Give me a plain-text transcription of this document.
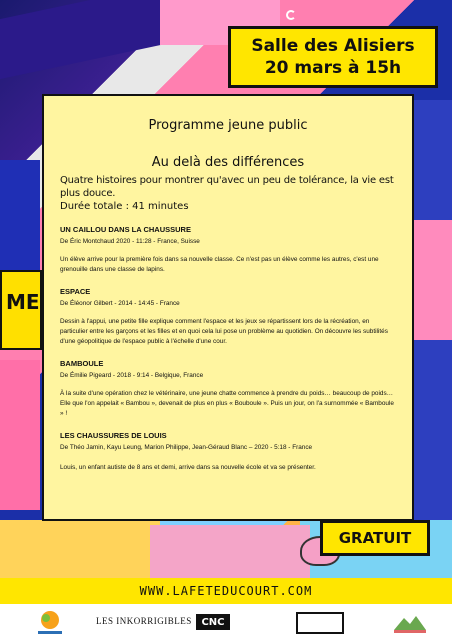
ME
Salle des Alisiers
20 mars à 15h
Programme jeune public
Au delà des différences
Quatre histoires pour montrer qu'avec un peu de tolérance, la vie est plus douce.
Durée totale : 41 minutes
UN CAILLOU DANS LA CHAUSSURE
De Éric Montchaud 2020 - 11:28 - France, Suisse
Un élève arrive pour la première fois dans sa nouvelle classe. Ce n'est pas un élève comme les autres, c'est une grenouille dans une classe de lapins.
ESPACE
De Éléonor Gilbert - 2014 - 14:45 - France
Dessin à l'appui, une petite fille explique comment l'espace et les jeux se répartissent lors de la récréation, en particulier entre les garçons et les filles et en quoi cela lui pose un problème au quotidien. On découvre les subtilités d'une géopolitique de l'espace public à l'échelle d'une cour.
BAMBOULE
De Émilie Pigeard - 2018 - 9:14 - Belgique, France
À la suite d'une opération chez le vétérinaire, une jeune chatte commence à prendre du poids… beaucoup de poids… Elle que l'on appelait « Bambou », devenait de plus en plus « Bouboule ». Puis un jour, on l'a surnommée « Bamboule » !
LES CHAUSSURES DE LOUIS
De Théo Jamin, Kayu Leung, Marion Philippe, Jean-Géraud Blanc – 2020 - 5:18 - France
Louis, un enfant autiste de 8 ans et demi, arrive dans sa nouvelle école et va se présenter.
GRATUIT
WWW.LAFETEDUCOURT.COM
LES INKORRIGIBLES CNC
